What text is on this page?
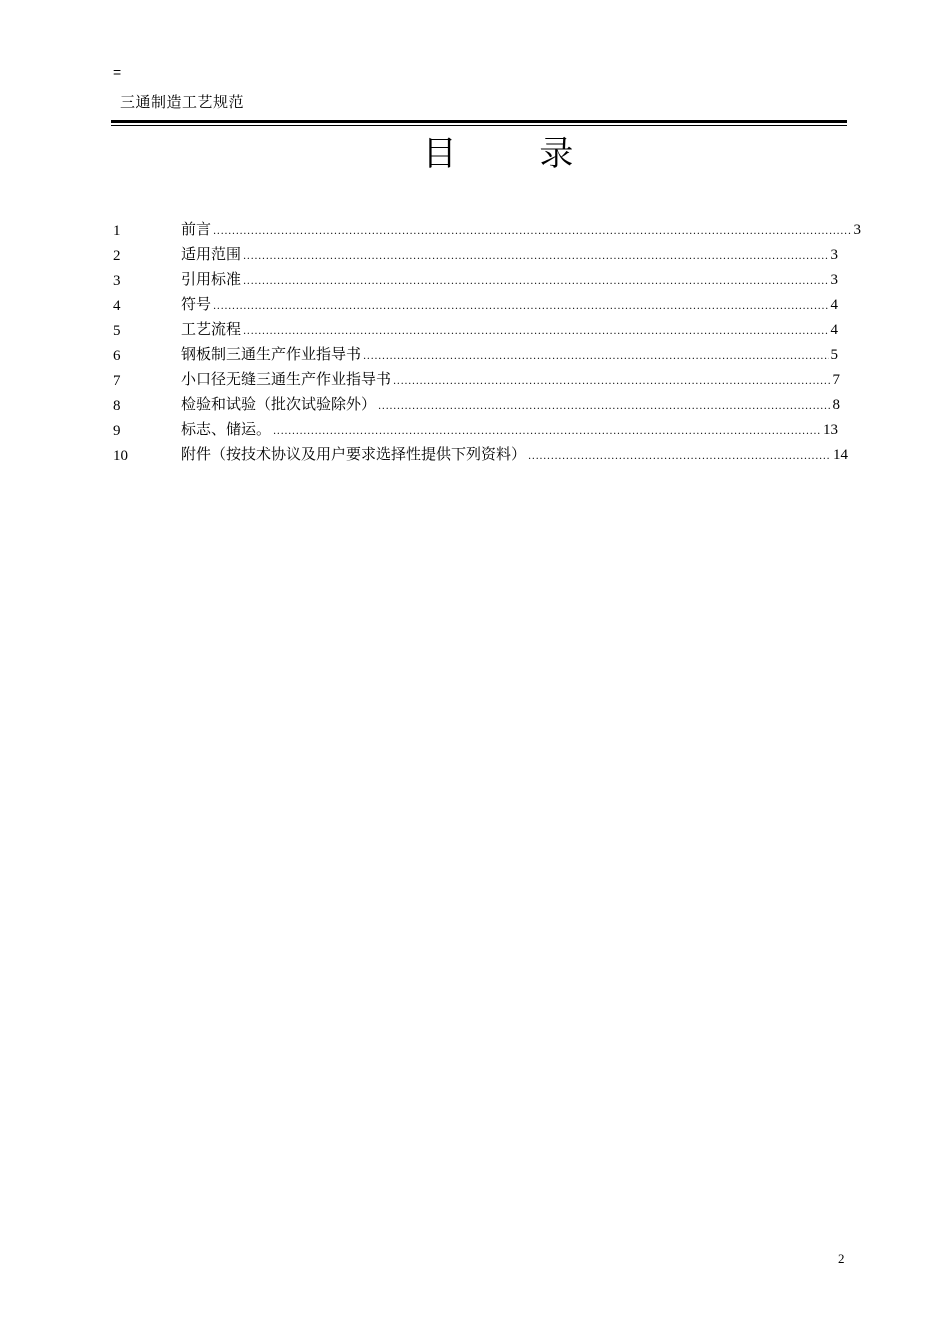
=
三通制造工艺规范
目 录
1	前言 .....	3
2	适用范围 .....	3
3	引用标准 .....	3
4	符号 .....	4
5	工艺流程 .....	4
6	钢板制三通生产作业指导书 .....	5
7	小口径无缝三通生产作业指导书 .....	7
8	检验和试验（批次试验除外） .....	8
9	标志、储运。 .....	13
10	附件（按技术协议及用户要求选择性提供下列资料） .....	14
2
